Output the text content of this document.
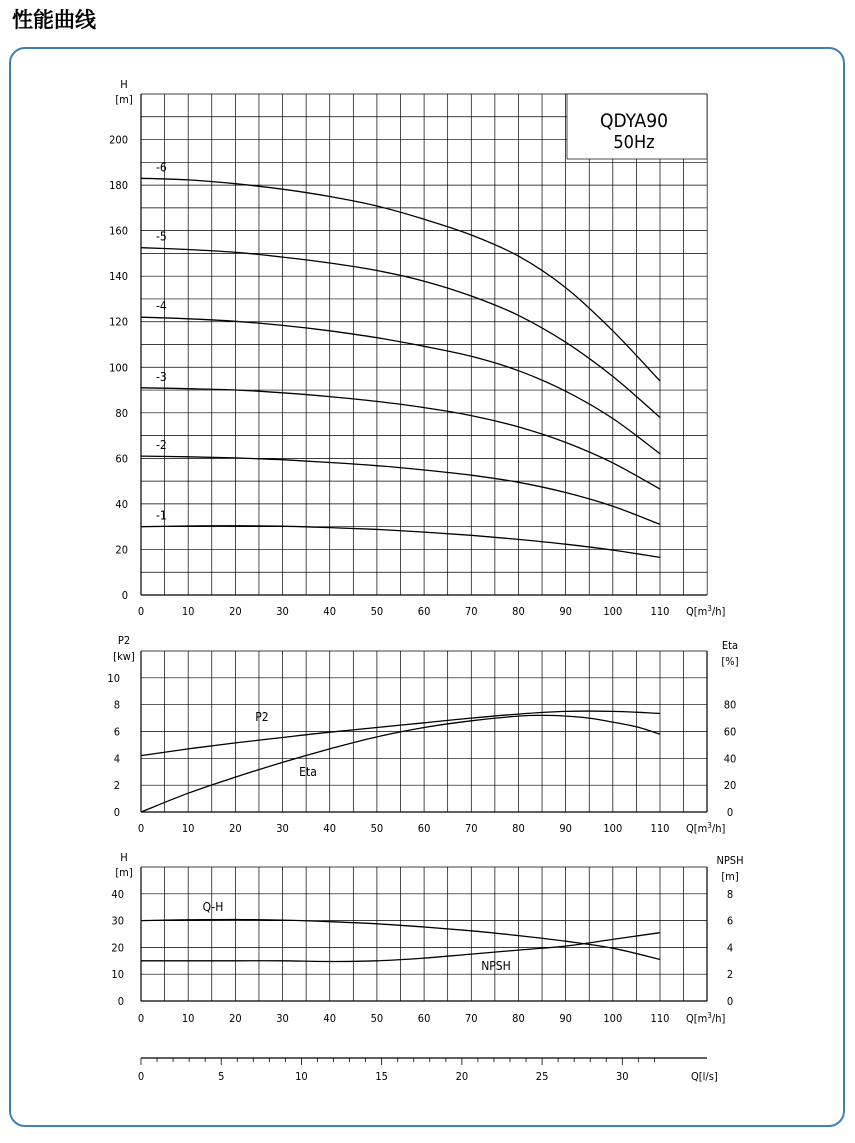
性能曲线
QDYA90
50Hz
0
20
40
60
80
100
120
140
160
180
200
0	10	20	30	40	50	60	70	80	90	100	110
H
[m]
$Q[m^3/h]$
-1
-2
-3
-4
-5
-6
0
2
4
6
8
10
0
20
40
60
80
0	10	20	30	40	50	60	70	80	90	100	110
P2
[kw]
Eta
[%]
$Q[m^3/h]$
P2
Eta
0
10
20
30
40
0
2
4
6
8
0	10	20	30	40	50	60	70	80	90	100	110
H
[m]
NPSH
[m]
$Q[m^3/h]$
Q-H
NPSH
0	5	10	15	20	25	30	Q[l/s]
